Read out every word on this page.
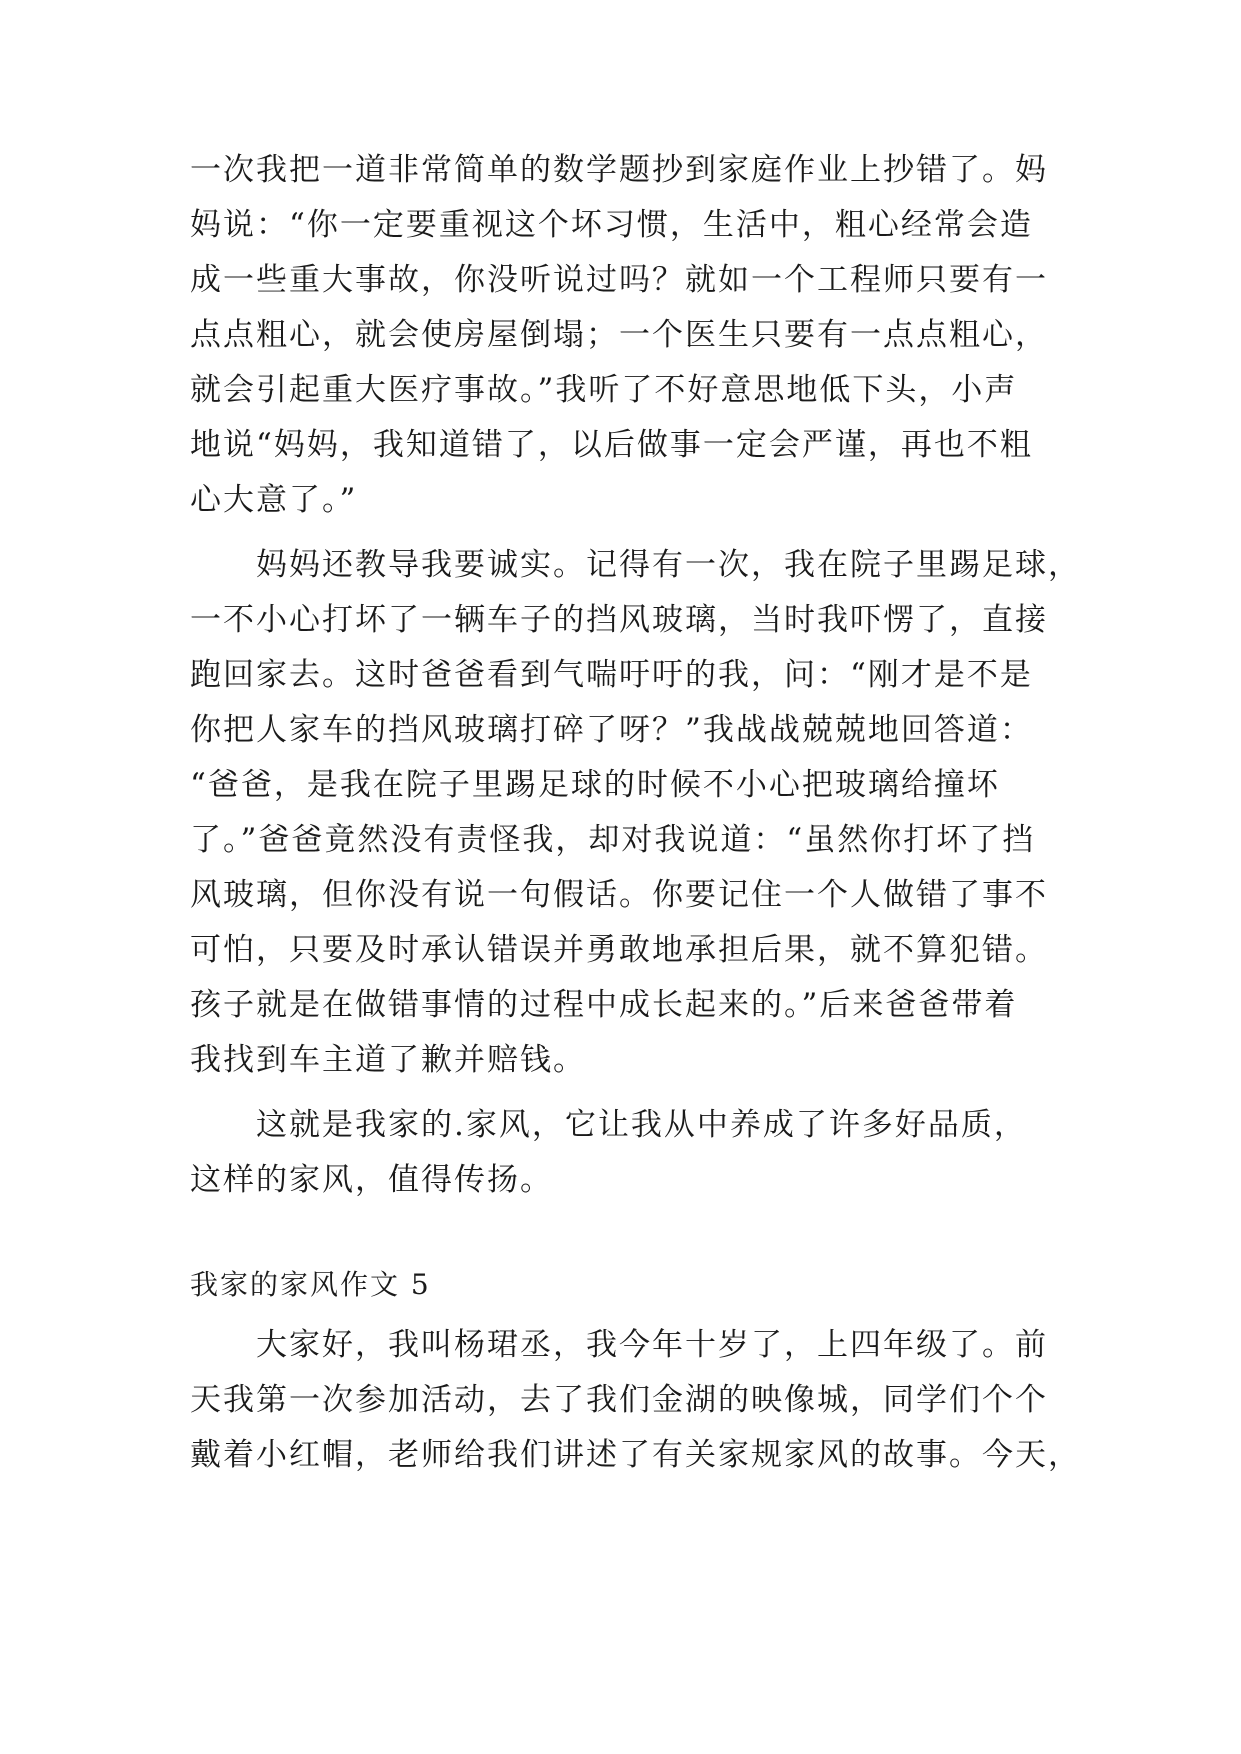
一次我把一道非常简单的数学题抄到家庭作业上抄错了。妈
妈说：“你一定要重视这个坏习惯，生活中，粗心经常会造
成一些重大事故，你没听说过吗？就如一个工程师只要有一
点点粗心，就会使房屋倒塌；一个医生只要有一点点粗心，
就会引起重大医疗事故。”我听了不好意思地低下头，小声
地说“妈妈，我知道错了，以后做事一定会严谨，再也不粗
心大意了。”
妈妈还教导我要诚实。记得有一次，我在院子里踢足球，
一不小心打坏了一辆车子的挡风玻璃，当时我吓愣了，直接
跑回家去。这时爸爸看到气喘吁吁的我，问：“刚才是不是
你把人家车的挡风玻璃打碎了呀？”我战战兢兢地回答道：
“爸爸，是我在院子里踢足球的时候不小心把玻璃给撞坏
了。”爸爸竟然没有责怪我，却对我说道：“虽然你打坏了挡
风玻璃，但你没有说一句假话。你要记住一个人做错了事不
可怕，只要及时承认错误并勇敢地承担后果，就不算犯错。
孩子就是在做错事情的过程中成长起来的。”后来爸爸带着
我找到车主道了歉并赔钱。
这就是我家的.家风，它让我从中养成了许多好品质，
这样的家风，值得传扬。
我家的家风作文 5
大家好，我叫杨珺丞，我今年十岁了，上四年级了。前
天我第一次参加活动，去了我们金湖的映像城，同学们个个
戴着小红帽，老师给我们讲述了有关家规家风的故事。今天，
